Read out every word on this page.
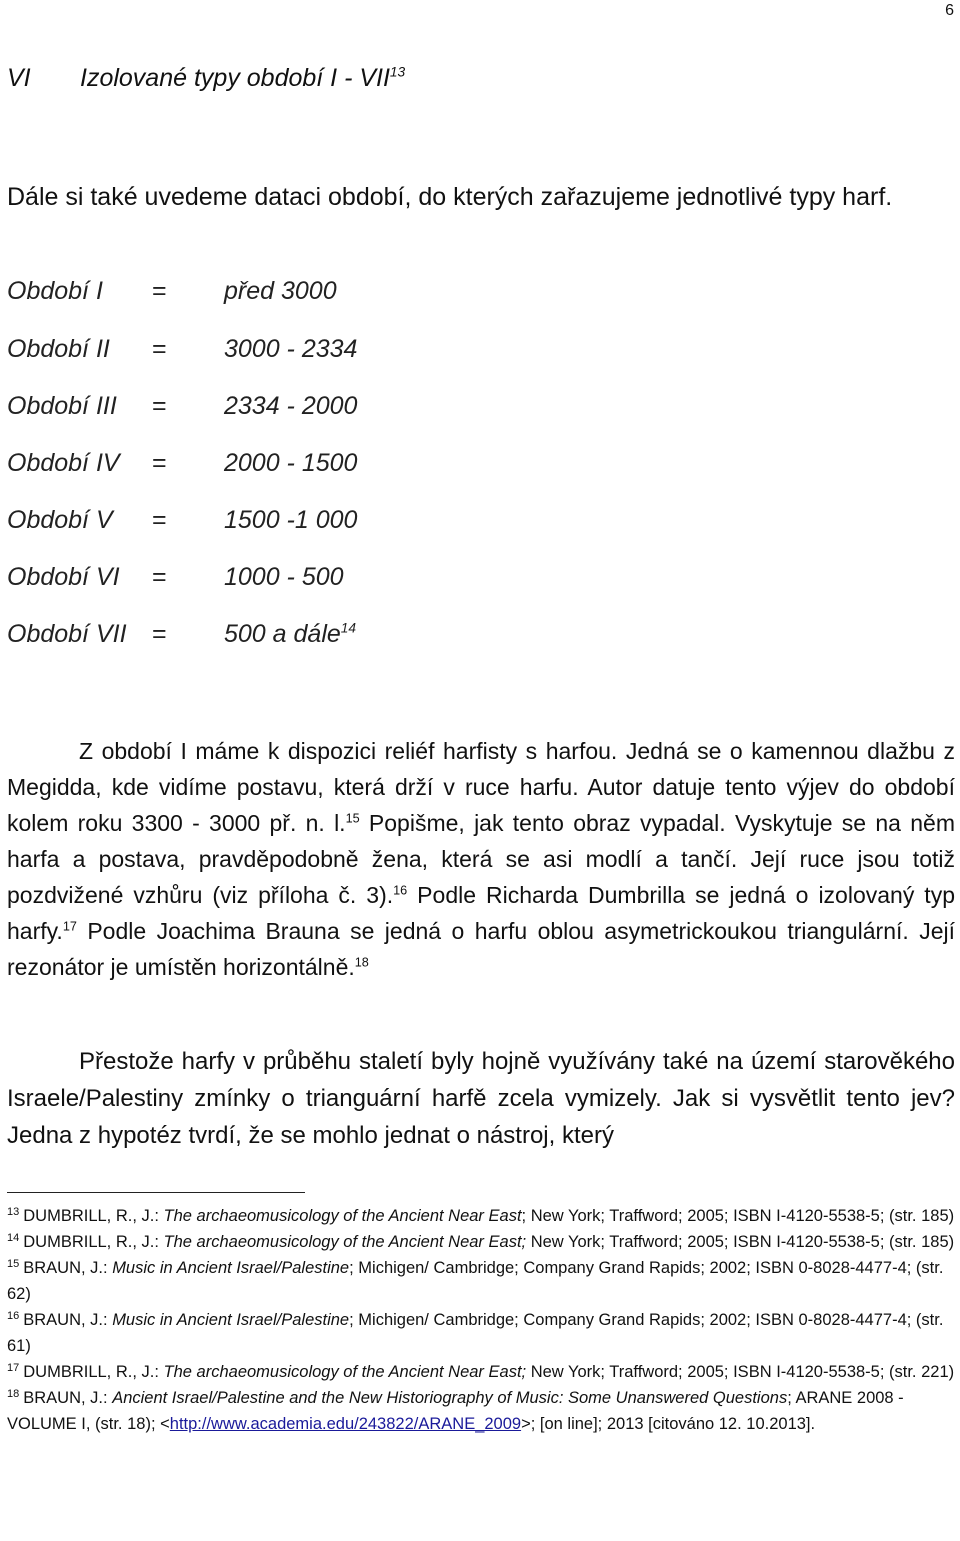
6
VI Izolované typy období I - VII$^{13}$

Dále si také uvedeme dataci období, do kterých zařazujeme jednotlivé typy harf.

Období I = před 3000
Období II = 3000 - 2334
Období III = 2334 - 2000
Období IV = 2000 - 1500
Období V = 1500 -1 000
Období VI = 1000 - 500
Období VII = 500 a dále$^{14}$

Z období I máme k dispozici reliéf harfisty s harfou. Jedná se o kamennou dlažbu z Megidda, kde vidíme postavu, která drží v ruce harfu. Autor datuje tento výjev do období kolem roku 3300 - 3000 př. n. l.$^{15}$ Popišme, jak tento obraz vypadal. Vyskytuje se na něm harfa a postava, pravděpodobně žena, která se asi modlí a tančí. Její ruce jsou totiž pozdvižené vzhůru (viz příloha č. 3).$^{16}$ Podle Richarda Dumbrilla se jedná o izolovaný typ harfy.$^{17}$ Podle Joachima Brauna se jedná o harfu oblou asymetrickoukou triangulární. Její rezonátor je umístěn horizontálně.$^{18}$

Přestože harfy v průběhu staletí byly hojně využívány také na území starověkého Israele/Palestiny zmínky o trianguární harfě zcela vymizely. Jak si vysvětlit tento jev? Jedna z hypotéz tvrdí, že se mohlo jednat o nástroj, který

$^{13}$ DUMBRILL, R., J.: The archaeomusicology of the Ancient Near East; New York; Traffword; 2005; ISBN I-4120-5538-5; (str. 185)

$^{14}$ DUMBRILL, R., J.: The archaeomusicology of the Ancient Near East; New York; Traffword; 2005; ISBN I-4120-5538-5; (str. 185)

$^{15}$ BRAUN, J.: Music in Ancient Israel/Palestine; Michigen/ Cambridge; Company Grand Rapids; 2002; ISBN 0-8028-4477-4; (str. 62)

$^{16}$ BRAUN, J.: Music in Ancient Israel/Palestine; Michigen/ Cambridge; Company Grand Rapids; 2002; ISBN 0-8028-4477-4; (str. 61)

$^{17}$ DUMBRILL, R., J.: The archaeomusicology of the Ancient Near East; New York; Traffword; 2005; ISBN I-4120-5538-5; (str. 221)

$^{18}$ BRAUN, J.: Ancient Israel/Palestine and the New Historiography of Music: Some Unanswered Questions; ARANE 2008 - VOLUME I, (str. 18); <http://www.academia.edu/243822/ARANE_2009>; [on line]; 2013 [citováno 12. 10.2013].
